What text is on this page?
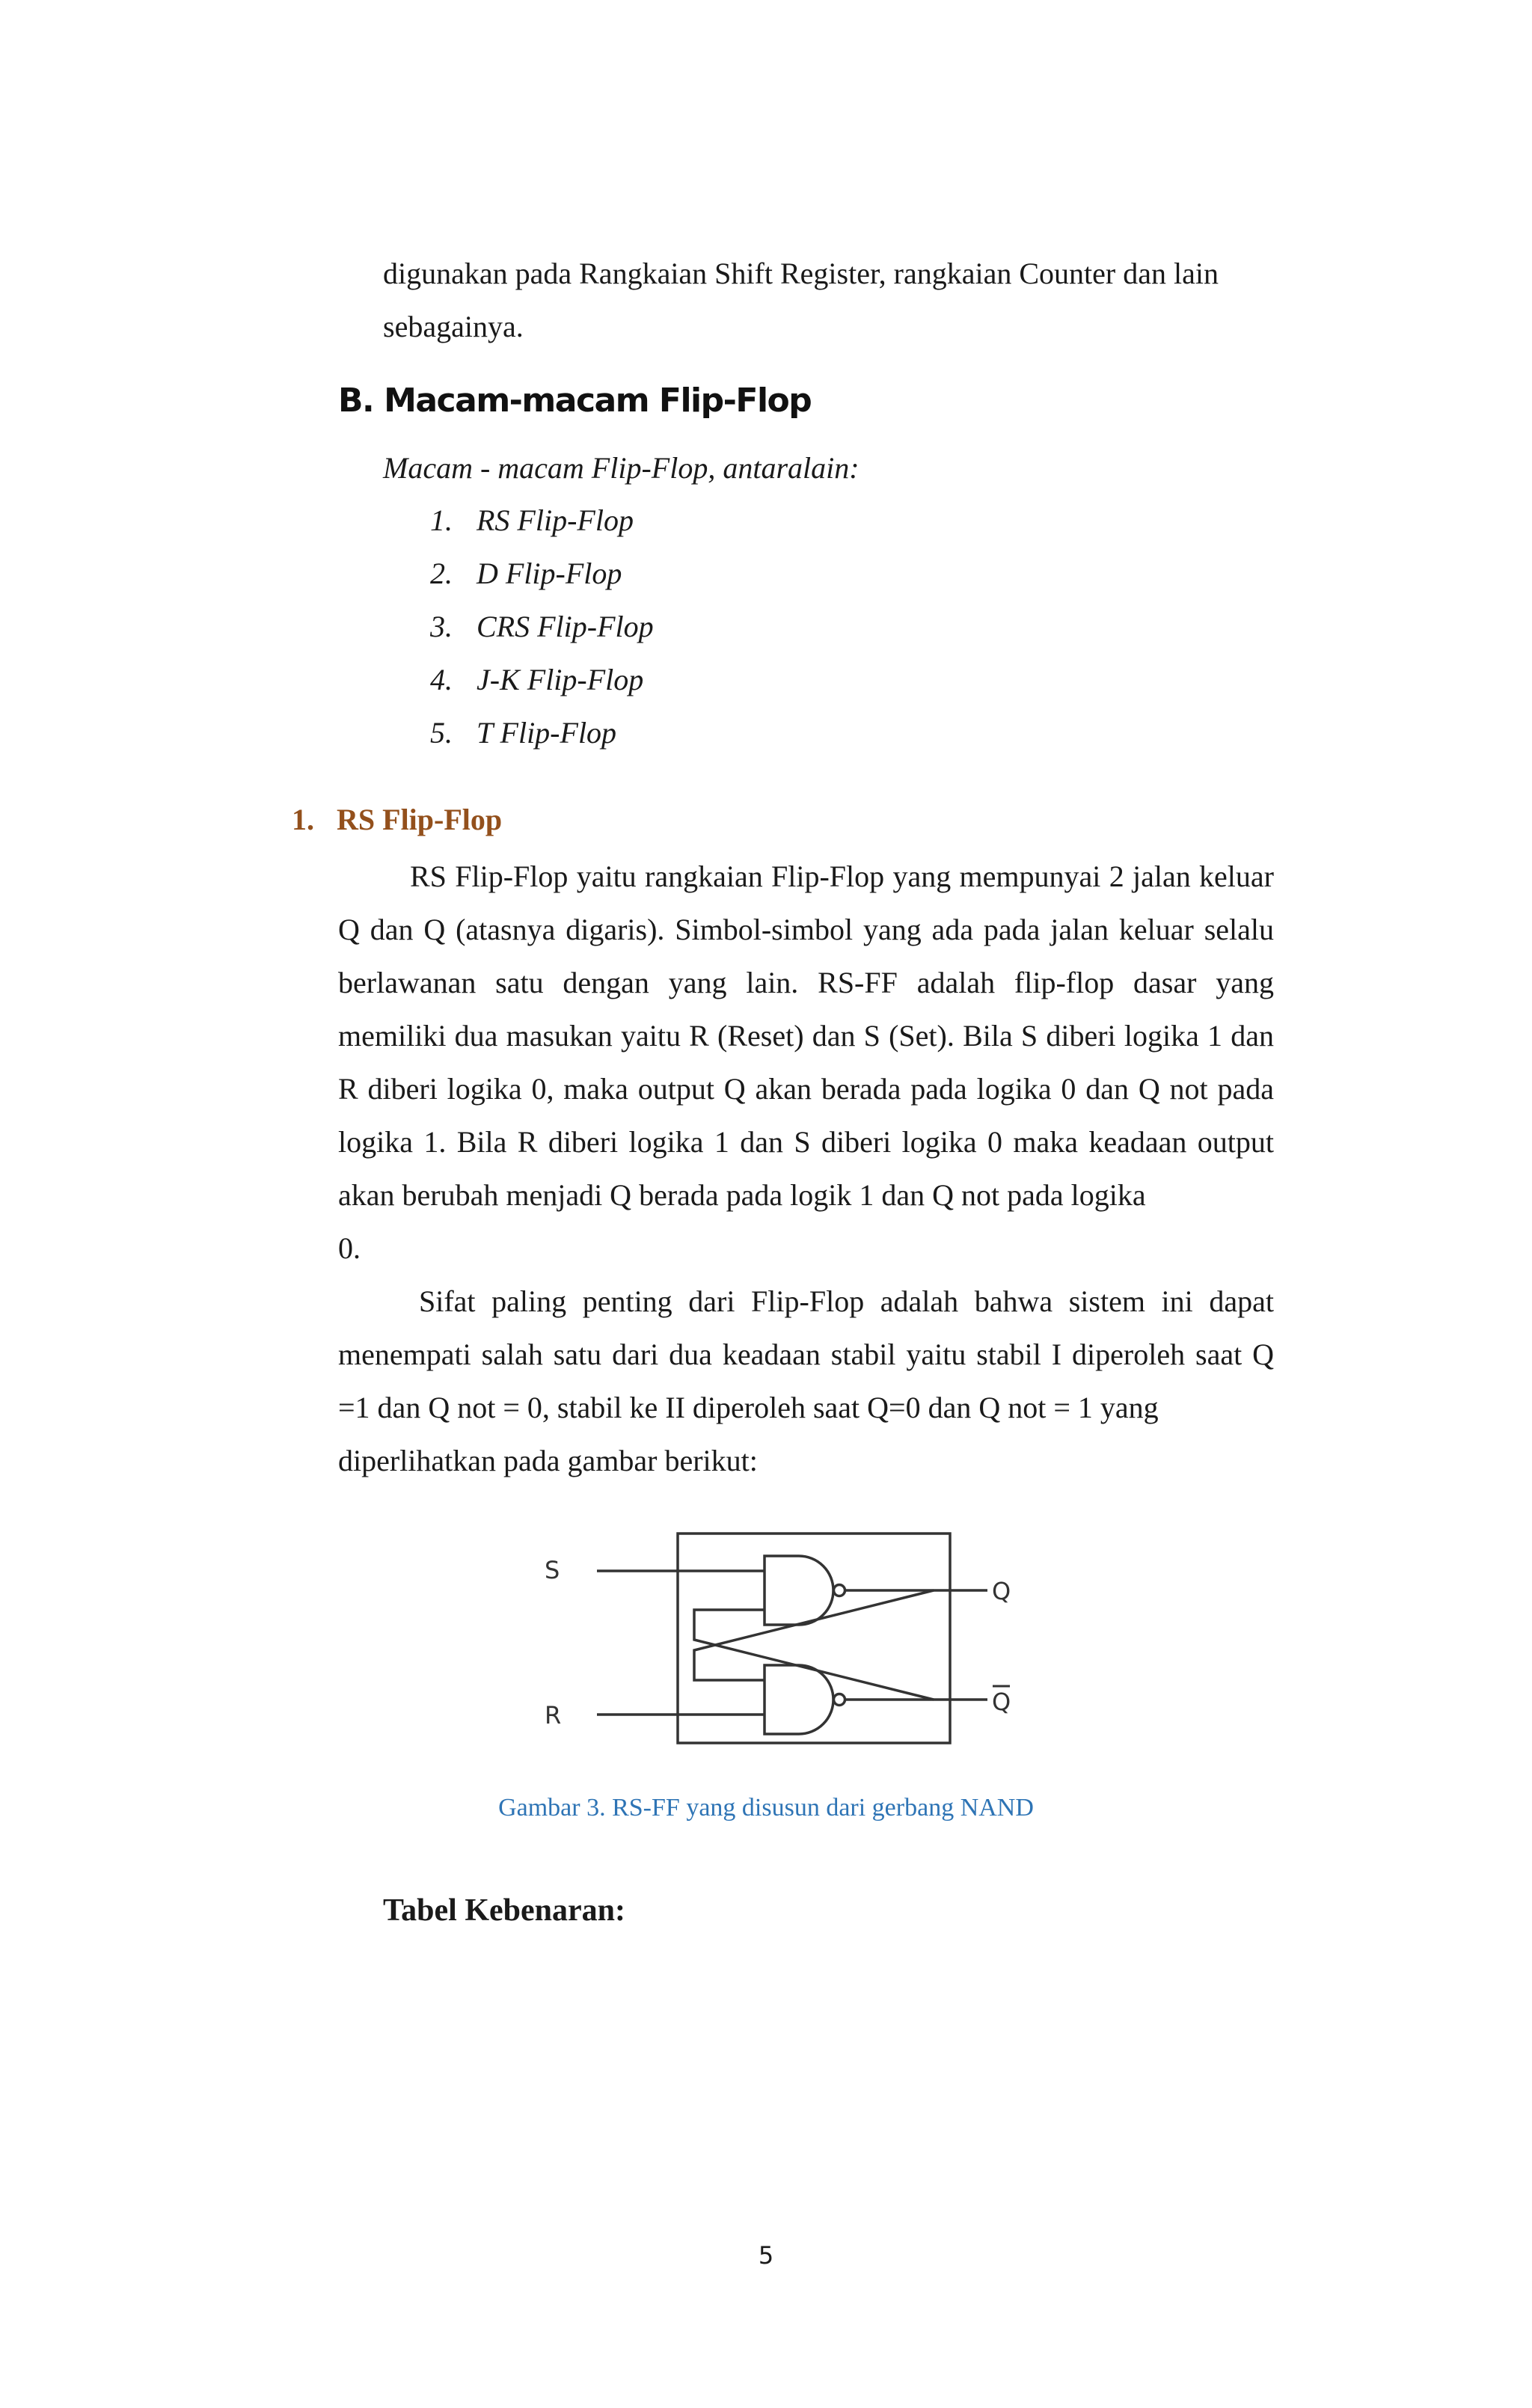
digunakan pada Rangkaian Shift Register, rangkaian Counter dan lain

sebagainya.

B. Macam-macam Flip-Flop
Macam - macam Flip-Flop, antaralain:
1. RS Flip-Flop
2. D Flip-Flop
3. CRS Flip-Flop
4. J-K Flip-Flop
5. T Flip-Flop
1. RS Flip-Flop

RS Flip-Flop yaitu rangkaian Flip-Flop yang mempunyai 2 jalan keluar Q dan Q (atasnya digaris). Simbol-simbol yang ada pada jalan keluar selalu berlawanan satu dengan yang lain. RS-FF adalah flip-flop dasar yang memiliki dua masukan yaitu R (Reset) dan S (Set). Bila S diberi logika 1 dan R diberi logika 0, maka output Q akan berada pada logika 0 dan Q not pada logika 1. Bila R diberi logika 1 dan S diberi logika 0 maka keadaan output akan berubah menjadi Q berada pada logik 1 dan Q not pada logika

0.

Sifat paling penting dari Flip-Flop adalah bahwa sistem ini dapat menempati salah satu dari dua keadaan stabil yaitu stabil I diperoleh saat Q =1 dan Q not = 0, stabil ke II diperoleh saat Q=0 dan Q not = 1 yang

diperlihatkan pada gambar berikut:

S
R
Q
Q
Gambar 3. RS-FF yang disusun dari gerbang NAND
Tabel Kebenaran:
5
